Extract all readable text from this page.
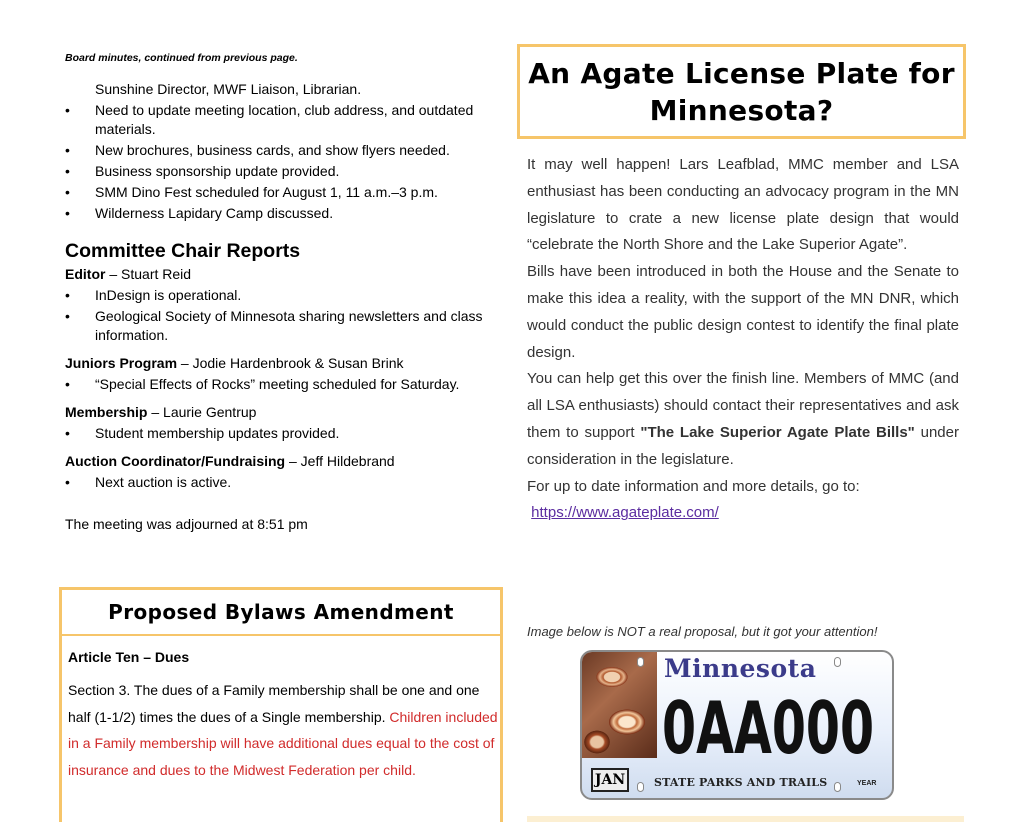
Board minutes, continued from previous page.
Sunshine Director, MWF Liaison, Librarian.
• Need to update meeting location, club address, and outdated materials.
• New brochures, business cards, and show flyers needed.
• Business sponsorship update provided.
• SMM Dino Fest scheduled for August 1, 11 a.m.–3 p.m.
• Wilderness Lapidary Camp discussed.
Committee Chair Reports
Editor – Stuart Reid
• InDesign is operational.
• Geological Society of Minnesota sharing newsletters and class information.
Juniors Program – Jodie Hardenbrook & Susan Brink
• “Special Effects of Rocks” meeting scheduled for Saturday.
Membership – Laurie Gentrup
• Student membership updates provided.
Auction Coordinator/Fundraising – Jeff Hildebrand
• Next auction is active.
The meeting was adjourned at 8:51 pm
Proposed Bylaws Amendment
Article Ten – Dues
Section 3. The dues of a Family membership shall be one and one half (1-1/2) times the dues of a Single membership. Children included in a Family membership will have additional dues equal to the cost of insurance and dues to the Midwest Federation per child.
An Agate License Plate for Minnesota?

It may well happen! Lars Leafblad, MMC member and LSA enthusiast has been conducting an advocacy program in the MN legislature to crate a new license plate design that would “celebrate the North Shore and the Lake Superior Agate”.

Bills have been introduced in both the House and the Senate to make this idea a reality, with the support of the MN DNR, which would conduct the public design contest to identify the final plate design.

You can help get this over the finish line. Members of MMC (and all LSA enthusiasts) should contact their representatives and ask them to support "The Lake Superior Agate Plate Bills" under consideration in the legislature.

For up to date information and more details, go to:

https://www.agateplate.com/

Image below is NOT a real proposal, but it got your attention!
Minnesota
0AA000
JAN	STATE PARKS AND TRAILS	YEAR
